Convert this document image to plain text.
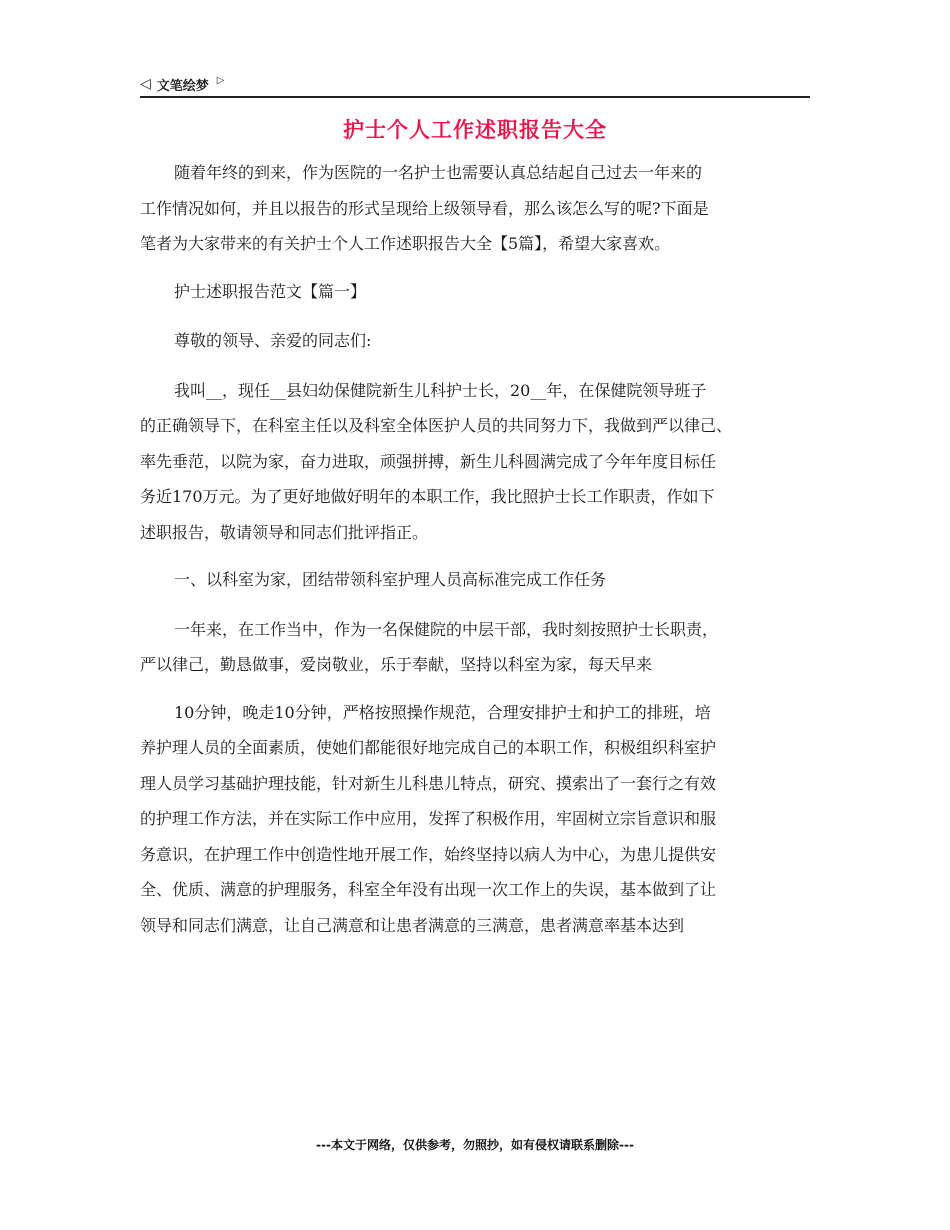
◁ 文笔绘梦 ▷
护士个人工作述职报告大全
随着年终的到来，作为医院的一名护士也需要认真总结起自己过去一年来的
工作情况如何，并且以报告的形式呈现给上级领导看，那么该怎么写的呢?下面是
笔者为大家带来的有关护士个人工作述职报告大全【5篇】，希望大家喜欢。
护士述职报告范文【篇一】
尊敬的领导、亲爱的同志们:
我叫__，现任__县妇幼保健院新生儿科护士长，20__年，在保健院领导班子
的正确领导下，在科室主任以及科室全体医护人员的共同努力下，我做到严以律己、
率先垂范，以院为家，奋力进取，顽强拼搏，新生儿科圆满完成了今年年度目标任
务近170万元。为了更好地做好明年的本职工作，我比照护士长工作职责，作如下
述职报告，敬请领导和同志们批评指正。
一、以科室为家，团结带领科室护理人员高标准完成工作任务
一年来，在工作当中，作为一名保健院的中层干部，我时刻按照护士长职责，
严以律己，勤恳做事，爱岗敬业，乐于奉献，坚持以科室为家，每天早来
10分钟，晚走10分钟，严格按照操作规范，合理安排护士和护工的排班，培
养护理人员的全面素质，使她们都能很好地完成自己的本职工作，积极组织科室护
理人员学习基础护理技能，针对新生儿科患儿特点，研究、摸索出了一套行之有效
的护理工作方法，并在实际工作中应用，发挥了积极作用，牢固树立宗旨意识和服
务意识，在护理工作中创造性地开展工作，始终坚持以病人为中心，为患儿提供安
全、优质、满意的护理服务，科室全年没有出现一次工作上的失误，基本做到了让
领导和同志们满意，让自己满意和让患者满意的三满意，患者满意率基本达到
---本文于网络，仅供参考，勿照抄，如有侵权请联系删除---
